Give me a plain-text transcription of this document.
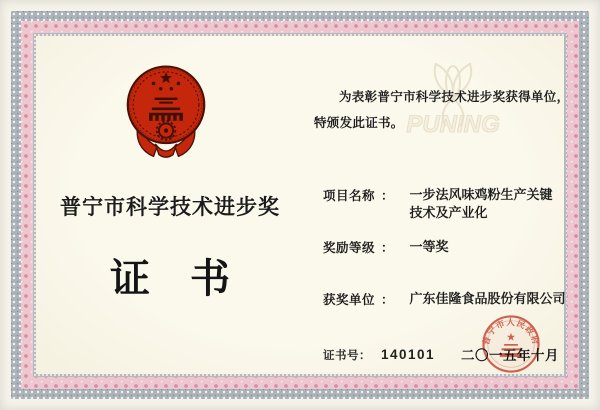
PUNING
普宁市科学技术进步奖
证　书
为表彰普宁市科学技术进步奖获得单位，
特颁发此证书。
项目名称 ： 一步法风味鸡粉生产关键技术及产业化
奖励等级 ： 一等奖
获奖单位 ： 广东佳隆食品股份有限公司
证书号： 140101
普宁市人民政府
二〇一五年十月
